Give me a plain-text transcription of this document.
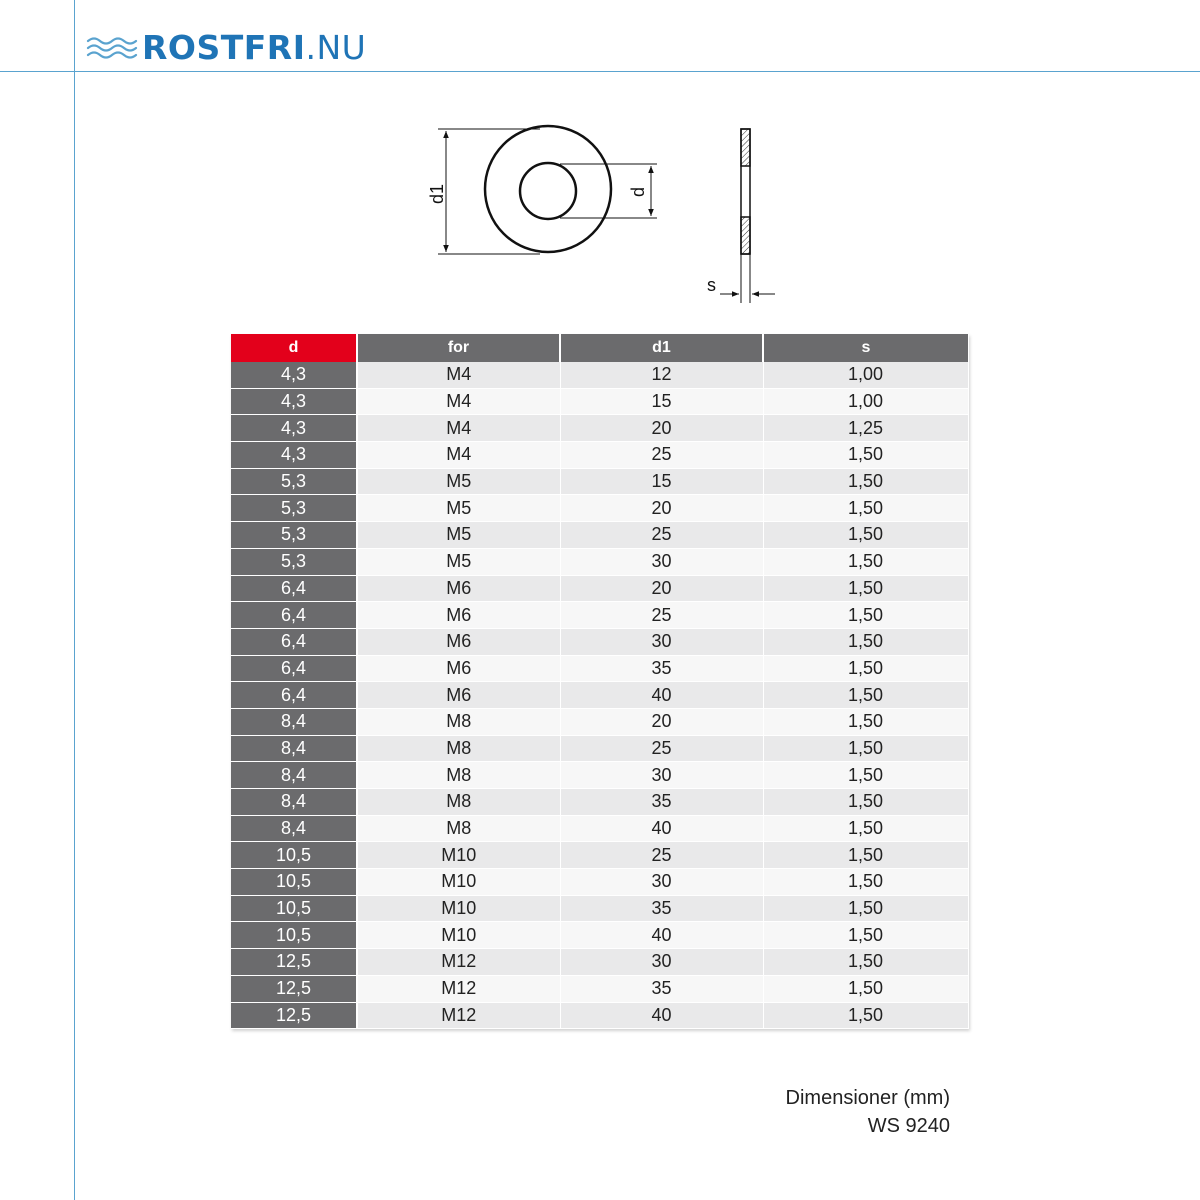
ROSTFRI.NU
d1	d
s
d	for	d1	s
4,3	M4	12	1,00
4,3	M4	15	1,00
4,3	M4	20	1,25
4,3	M4	25	1,50
5,3	M5	15	1,50
5,3	M5	20	1,50
5,3	M5	25	1,50
5,3	M5	30	1,50
6,4	M6	20	1,50
6,4	M6	25	1,50
6,4	M6	30	1,50
6,4	M6	35	1,50
6,4	M6	40	1,50
8,4	M8	20	1,50
8,4	M8	25	1,50
8,4	M8	30	1,50
8,4	M8	35	1,50
8,4	M8	40	1,50
10,5	M10	25	1,50
10,5	M10	30	1,50
10,5	M10	35	1,50
10,5	M10	40	1,50
12,5	M12	30	1,50
12,5	M12	35	1,50
12,5	M12	40	1,50
Dimensioner (mm)
WS 9240
